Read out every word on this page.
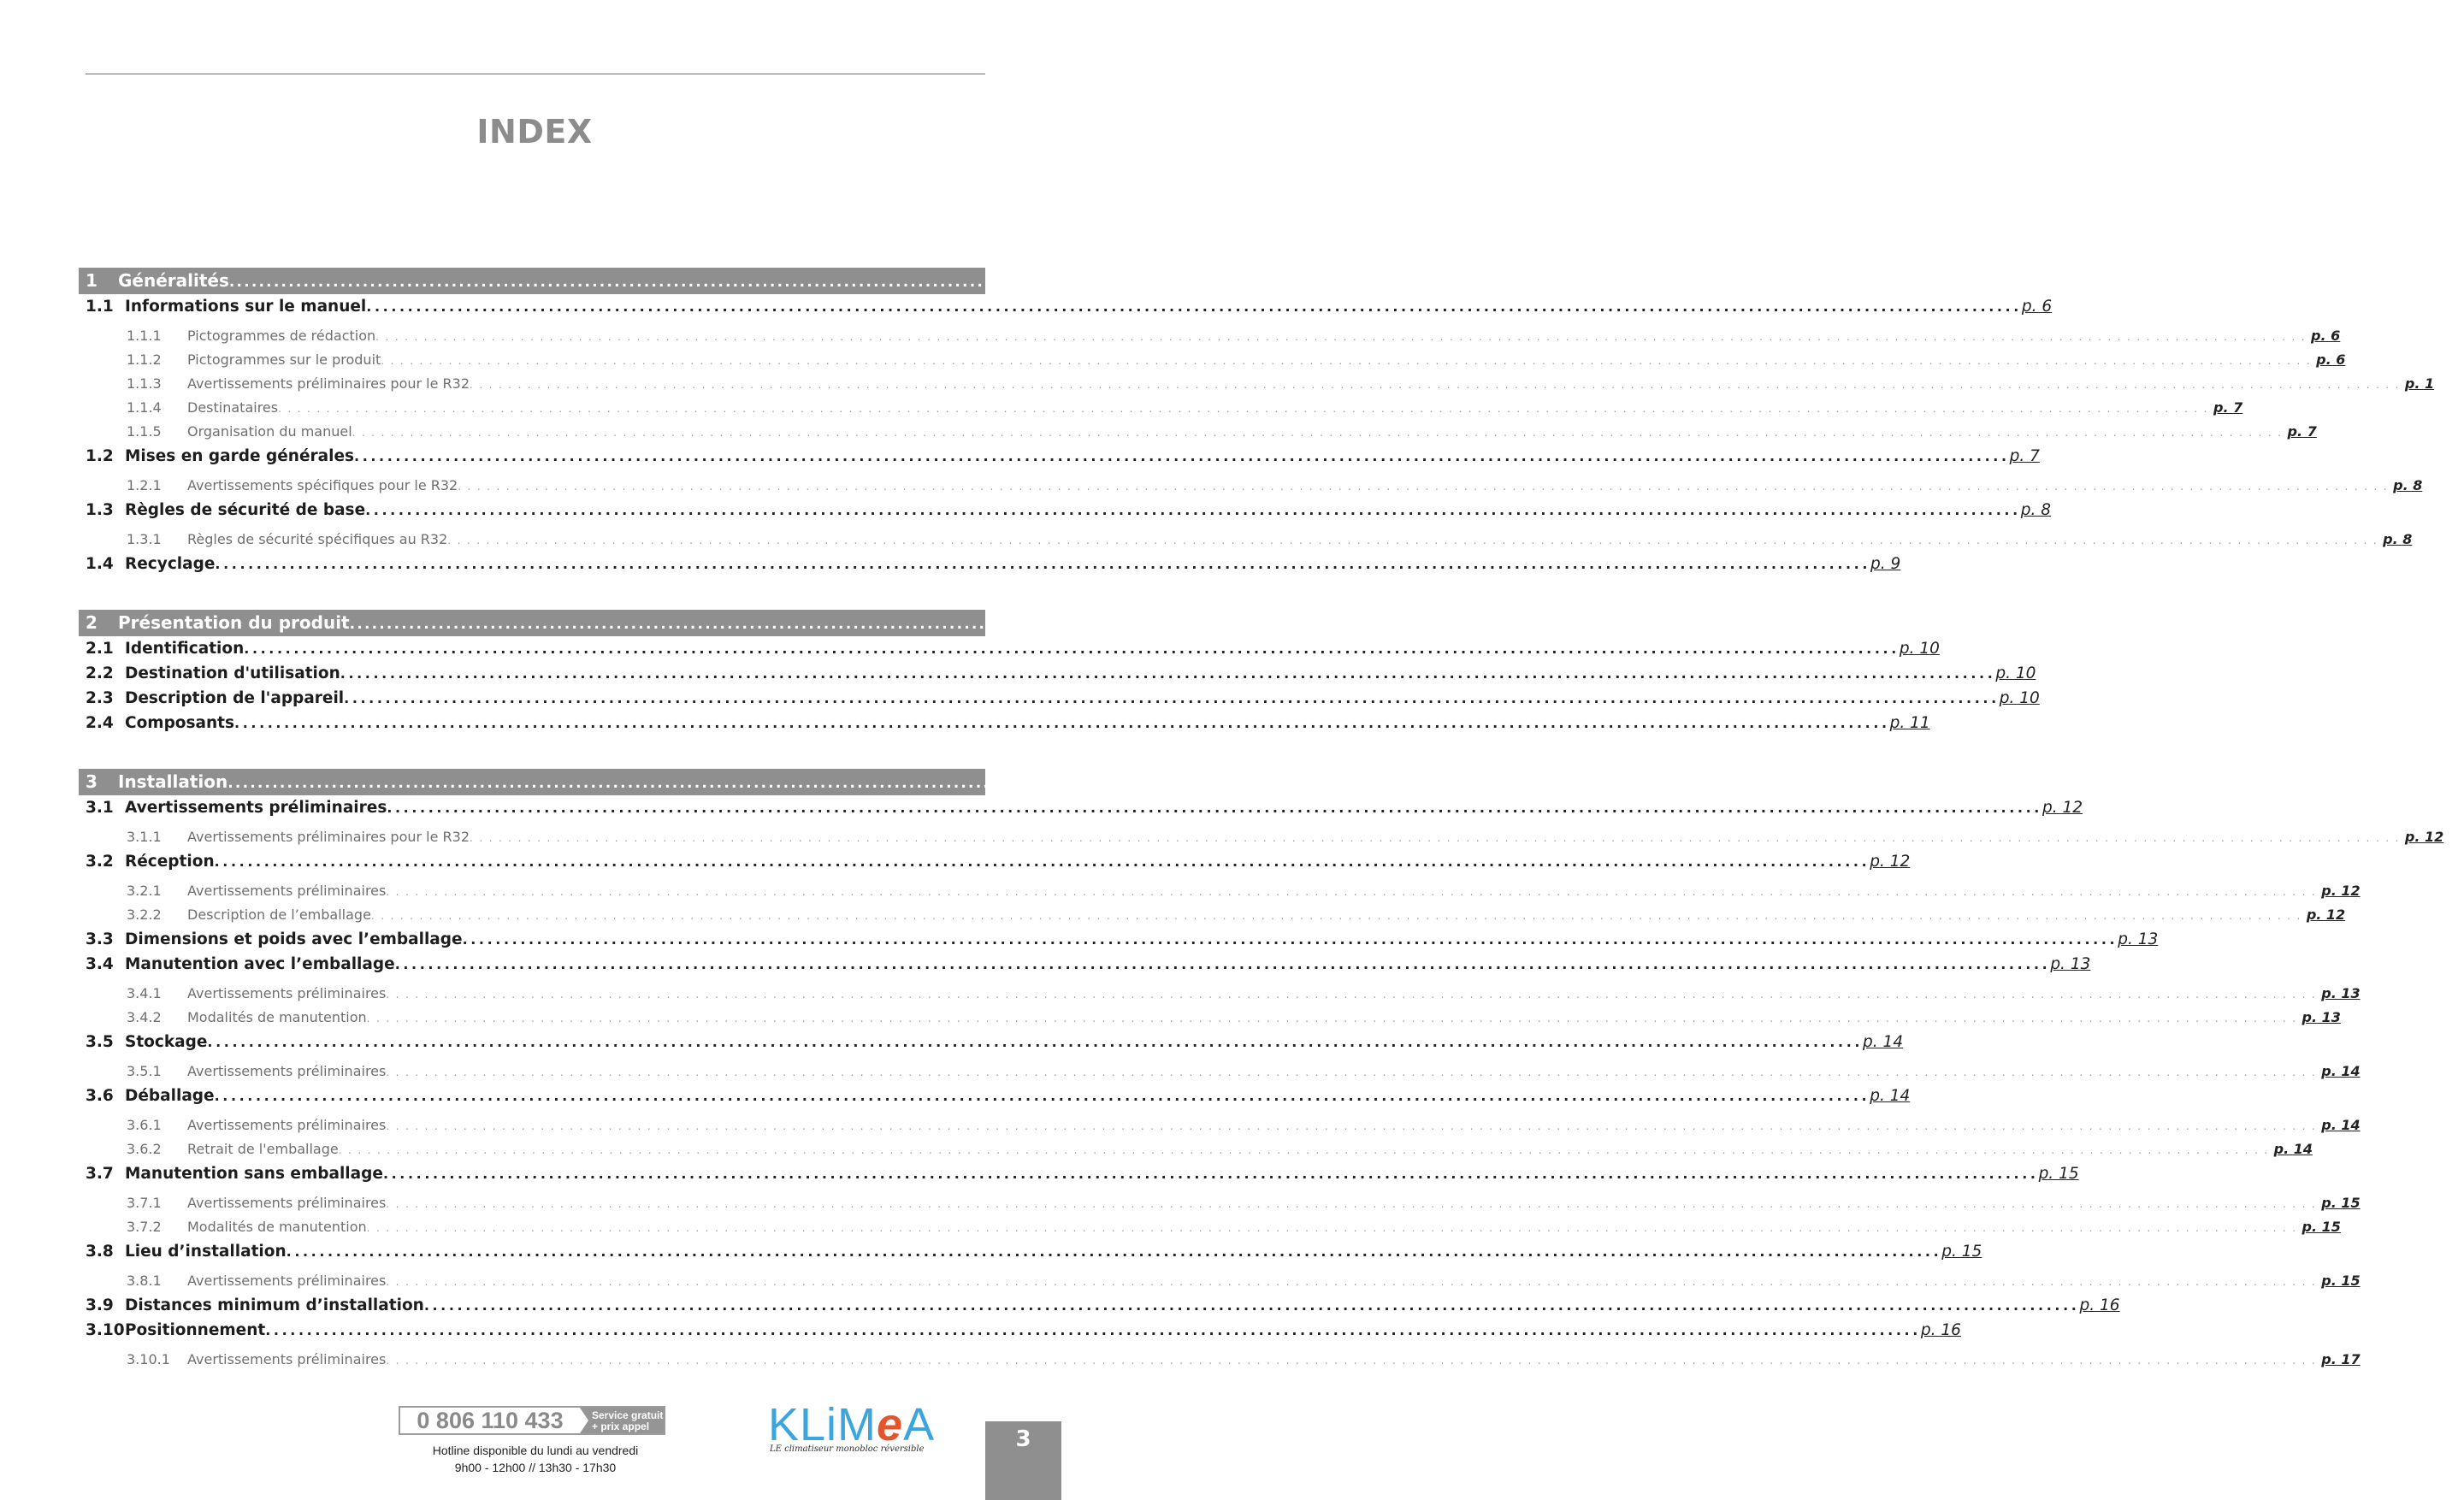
INDEX
1	Généralités ........................................................................................................................................................................................................ p. 6
1.1 Informations sur le manuel ........................................................................................................................................................................................................ p. 6
1.1.1	Pictogrammes de rédaction ........................................................................................................................................................................................................ p. 6
1.1.2	Pictogrammes sur le produit ........................................................................................................................................................................................................ p. 6
1.1.3	Avertissements préliminaires pour le R32 ........................................................................................................................................................................................................ p. 1
1.1.4	Destinataires ........................................................................................................................................................................................................ p. 7
1.1.5	Organisation du manuel ........................................................................................................................................................................................................ p. 7
1.2 Mises en garde générales ........................................................................................................................................................................................................ p. 7
1.2.1	Avertissements spécifiques pour le R32 ........................................................................................................................................................................................................ p. 8
1.3 Règles de sécurité de base ........................................................................................................................................................................................................ p. 8
1.3.1	Règles de sécurité spécifiques au R32 ........................................................................................................................................................................................................ p. 8
1.4 Recyclage ........................................................................................................................................................................................................ p. 9
2	Présentation du produit ........................................................................................................................................................................................................ p. 10
2.1 Identification ........................................................................................................................................................................................................ p. 10
2.2 Destination d'utilisation ........................................................................................................................................................................................................ p. 10
2.3 Description de l'appareil ........................................................................................................................................................................................................ p. 10
2.4 Composants ........................................................................................................................................................................................................ p. 11
3	Installation ........................................................................................................................................................................................................ p. 12
3.1 Avertissements préliminaires ........................................................................................................................................................................................................ p. 12
3.1.1	Avertissements préliminaires pour le R32 ........................................................................................................................................................................................................ p. 12
3.2 Réception ........................................................................................................................................................................................................ p. 12
3.2.1	Avertissements préliminaires ........................................................................................................................................................................................................ p. 12
3.2.2	Description de l’emballage ........................................................................................................................................................................................................ p. 12
3.3 Dimensions et poids avec l’emballage ........................................................................................................................................................................................................ p. 13
3.4 Manutention avec l’emballage ........................................................................................................................................................................................................ p. 13
3.4.1	Avertissements préliminaires ........................................................................................................................................................................................................ p. 13
3.4.2	Modalités de manutention ........................................................................................................................................................................................................ p. 13
3.5 Stockage ........................................................................................................................................................................................................ p. 14
3.5.1	Avertissements préliminaires ........................................................................................................................................................................................................ p. 14
3.6 Déballage ........................................................................................................................................................................................................ p. 14
3.6.1	Avertissements préliminaires ........................................................................................................................................................................................................ p. 14
3.6.2	Retrait de l'emballage ........................................................................................................................................................................................................ p. 14
3.7 Manutention sans emballage ........................................................................................................................................................................................................ p. 15
3.7.1	Avertissements préliminaires ........................................................................................................................................................................................................ p. 15
3.7.2	Modalités de manutention ........................................................................................................................................................................................................ p. 15
3.8 Lieu d’installation ........................................................................................................................................................................................................ p. 15
3.8.1	Avertissements préliminaires ........................................................................................................................................................................................................ p. 15
3.9 Distances minimum d’installation ........................................................................................................................................................................................................ p. 16
3.10 Positionnement ........................................................................................................................................................................................................ p. 16
3.10.1	Avertissements préliminaires ........................................................................................................................................................................................................ p. 17
0 806 110 433	Service gratuit
+ prix appel
Hotline disponible du lundi au vendredi
9h00 - 12h00 // 13h30 - 17h30
KLiMeA
LE climatiseur monobloc réversible	3
